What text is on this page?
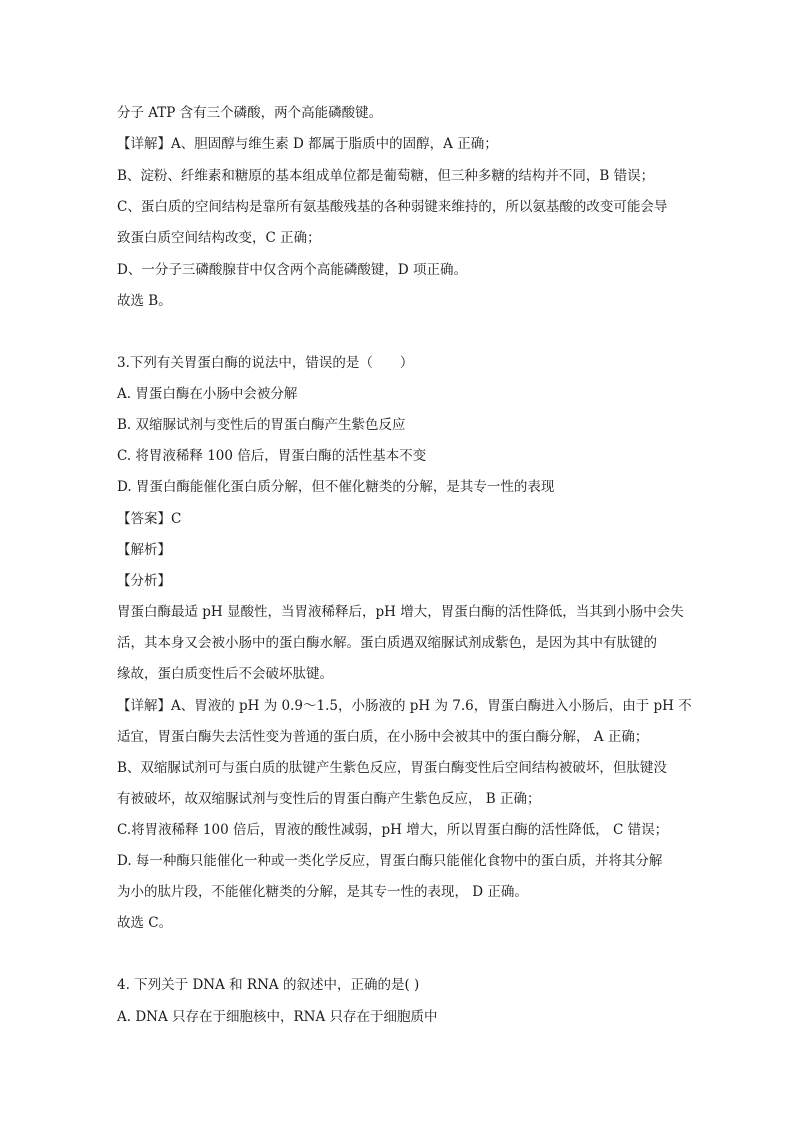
分子 ATP 含有三个磷酸，两个高能磷酸键。
【详解】A、胆固醇与维生素 D 都属于脂质中的固醇，A 正确；
B、淀粉、纤维素和糖原的基本组成单位都是葡萄糖，但三种多糖的结构并不同，B 错误；
C、蛋白质的空间结构是靠所有氨基酸残基的各种弱键来维持的，所以氨基酸的改变可能会导
致蛋白质空间结构改变，C 正确；
D、一分子三磷酸腺苷中仅含两个高能磷酸键，D 项正确。
故选 B。
3.下列有关胃蛋白酶的说法中，错误的是（　　）
A. 胃蛋白酶在小肠中会被分解
B. 双缩脲试剂与变性后的胃蛋白酶产生紫色反应
C. 将胃液稀释 100 倍后，胃蛋白酶的活性基本不变
D. 胃蛋白酶能催化蛋白质分解，但不催化糖类的分解，是其专一性的表现
【答案】C
【解析】
【分析】
胃蛋白酶最适 pH 显酸性，当胃液稀释后，pH 增大，胃蛋白酶的活性降低，当其到小肠中会失
活，其本身又会被小肠中的蛋白酶水解。蛋白质遇双缩脲试剂成紫色，是因为其中有肽键的
缘故，蛋白质变性后不会破坏肽键。
【详解】A、胃液的 pH 为 0.9～1.5，小肠液的 pH 为 7.6，胃蛋白酶进入小肠后，由于 pH 不
适宜，胃蛋白酶失去活性变为普通的蛋白质，在小肠中会被其中的蛋白酶分解， A 正确；
B、双缩脲试剂可与蛋白质的肽键产生紫色反应，胃蛋白酶变性后空间结构被破坏，但肽键没
有被破坏，故双缩脲试剂与变性后的胃蛋白酶产生紫色反应， B 正确；
C.将胃液稀释 100 倍后，胃液的酸性减弱，pH 增大，所以胃蛋白酶的活性降低， C 错误；
D. 每一种酶只能催化一种或一类化学反应，胃蛋白酶只能催化食物中的蛋白质，并将其分解
为小的肽片段，不能催化糖类的分解，是其专一性的表现， D 正确。
故选 C。
4. 下列关于 DNA 和 RNA 的叙述中，正确的是( )
A. DNA 只存在于细胞核中，RNA 只存在于细胞质中
